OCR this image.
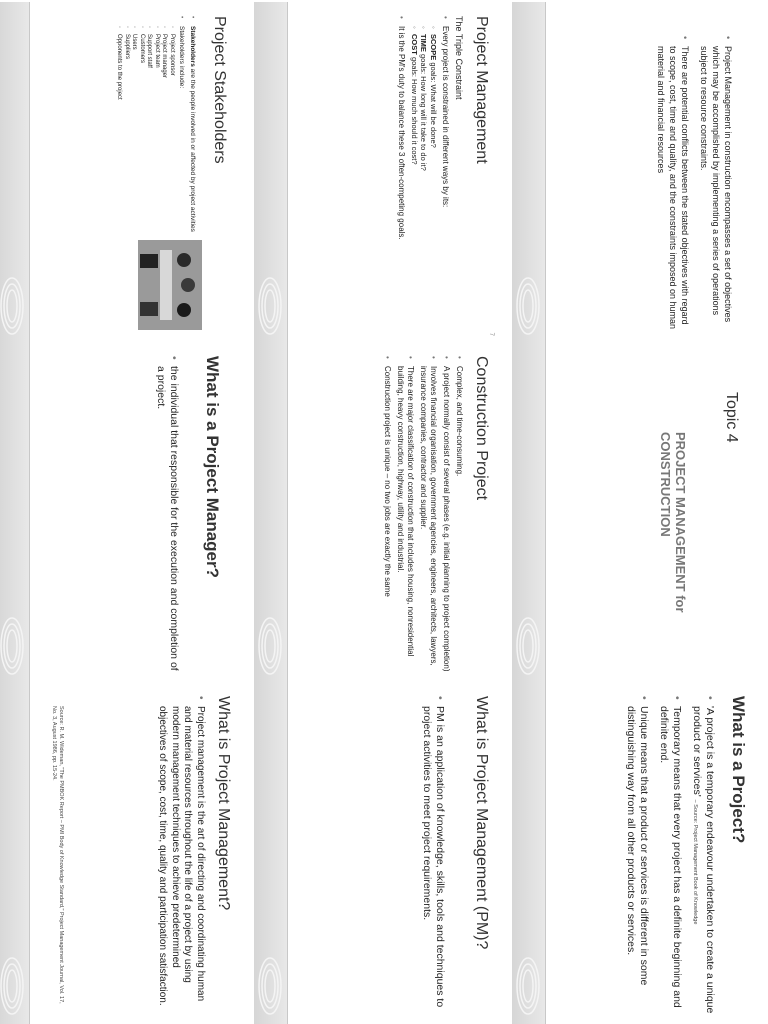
What is a Project?
• 'A project is a temporary endeavour undertaken to create a unique product or services' – Source: Project Management Book of Knowledge
• Temporary means that every project has a definite beginning and definite end.
• Unique means that a product or services is different in some distinguishing way from all other products or services.
Topic 4
PROJECT MANAGEMENT for CONSTRUCTION
• Project Management in construction encompasses a set of objectives which may be accomplished by implementing a series of operations subject to resource constraints.
• There are potential conflicts between the stated objectives with regard to scope, cost, time and quality, and the constraints imposed on human material and financial resources
What is Project Management (PM)?
• PM is an application of knowledge, skills, tools and techniques to project activities to meet project requirements.
Construction Project
• Complex, and time-consuming.
• A project normally consist of several phases (e.g. initial planning to project completion)
• Involves financial organisation, government agencies, engineers, architects, lawyers, insurance companies, contractor and supplier.
• There are major classification of construction that includes housing, nonresidential building, heavy construction, highway, utility and industrial.
• Construction project is unique – no two jobs are exactly the same
Project Management
The Triple Constraint
• Every project is constrained in different ways by its:
◦ SCOPE goals: What will be done?
◦ TIME goals: How long will it take to do it?
◦ COST goals: How much should it cost?
• It is the PM's duty to balance these 3 often-competing goals.
7
What is Project Management?
• Project management is the art of directing and coordinating human and material resources throughout the life of a project by using modern management techniques to achieve predetermined objectives of scope, cost, time, quality and participation satisfaction.
Source: R. M. Wideman, "The PMBOK Report – PMI Body of Knowledge Standard," Project Management Journal, Vol. 17, No. 3, August 1986, pp. 15-24.
What is a Project Manager?
• the individual that responsible for the execution and completion of a project.
Project Stakeholders
• Stakeholders are the people involved in or affected by project activities
• Stakeholders include:
◦ Project sponsor
◦ Project manager
◦ Project team
◦ Support staff
◦ Customers
◦ Users
◦ Suppliers
◦ Opponents to the project
